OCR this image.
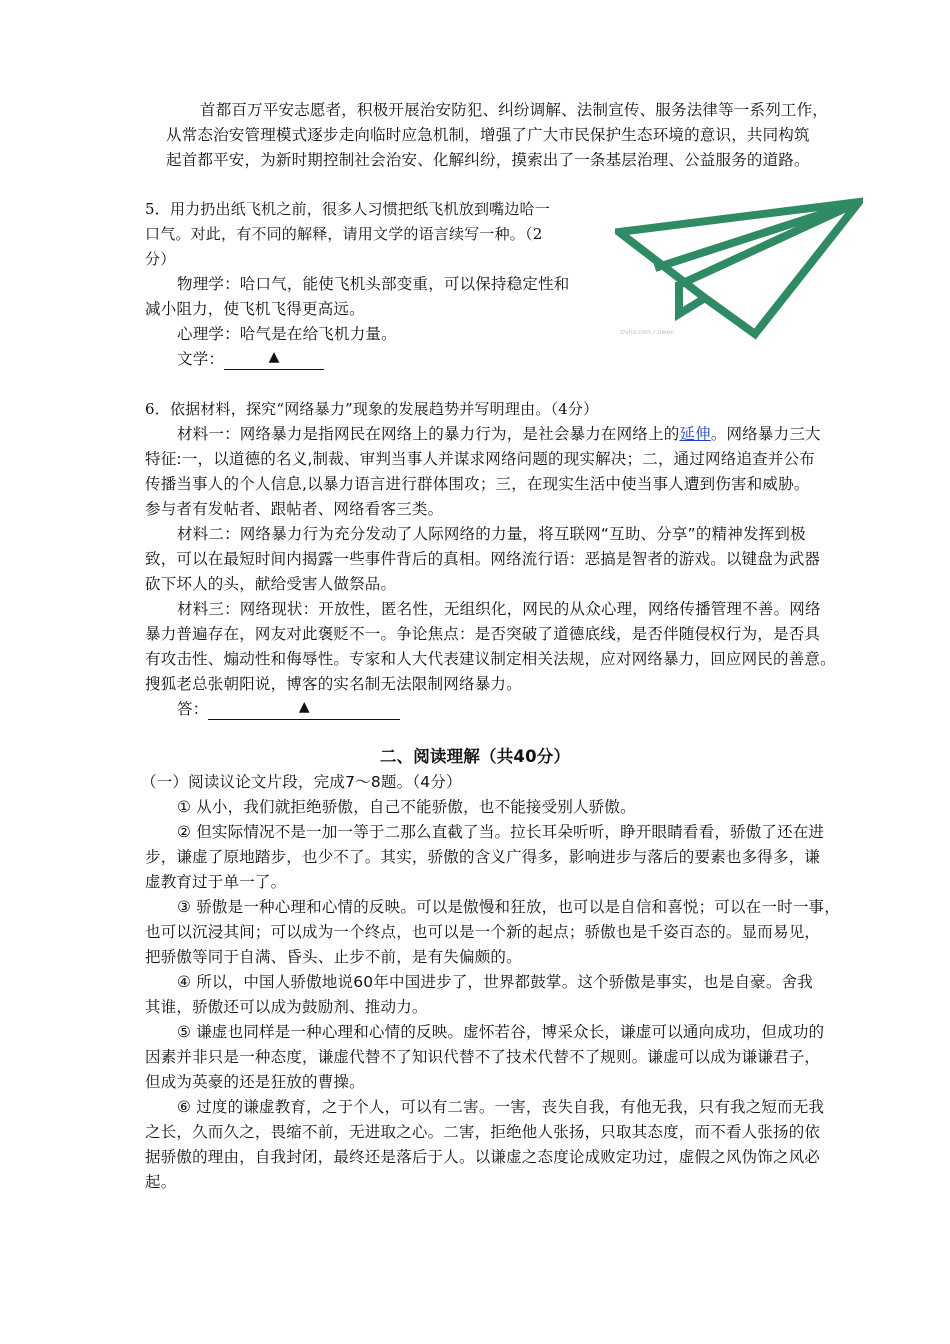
首都百万平安志愿者，积极开展治安防犯、纠纷调解、法制宣传、服务法律等一系列工作，
从常态治安管理模式逐步走向临时应急机制，增强了广大市民保护生态环境的意识，共同构筑
起首都平安，为新时期控制社会治安、化解纠纷，摸索出了一条基层治理、公益服务的道路。
5．用力扔出纸飞机之前，很多人习惯把纸飞机放到嘴边哈一
口气。对此，有不同的解释，请用文学的语言续写一种。（2
分）
物理学：哈口气，能使飞机头部变重，可以保持稳定性和
减小阻力，使飞机飞得更高远。
心理学：哈气是在给飞机力量。
文学：	▲
zhihu.com / ziwen
6．依据材料，探究“网络暴力”现象的发展趋势并写明理由。（4分）
材料一：网络暴力是指网民在网络上的暴力行为，是社会暴力在网络上的延伸。网络暴力三大
特征:一，以道德的名义,制裁、审判当事人并谋求网络问题的现实解决；二，通过网络追查并公布
传播当事人的个人信息,以暴力语言进行群体围攻；三，在现实生活中使当事人遭到伤害和威胁。
参与者有发帖者、跟帖者、网络看客三类。
材料二：网络暴力行为充分发动了人际网络的力量，将互联网“互助、分享”的精神发挥到极
致，可以在最短时间内揭露一些事件背后的真相。网络流行语：恶搞是智者的游戏。以键盘为武器
砍下坏人的头，献给受害人做祭品。
材料三：网络现状：开放性，匿名性，无组织化，网民的从众心理，网络传播管理不善。网络
暴力普遍存在，网友对此褒贬不一。争论焦点：是否突破了道德底线，是否伴随侵权行为，是否具
有攻击性、煽动性和侮辱性。专家和人大代表建议制定相关法规，应对网络暴力，回应网民的善意。
搜狐老总张朝阳说，博客的实名制无法限制网络暴力。
答：	▲
二、阅读理解（共40分）
（一）阅读议论文片段，完成7～8题。（4分）
① 从小，我们就拒绝骄傲，自己不能骄傲，也不能接受别人骄傲。
② 但实际情况不是一加一等于二那么直截了当。拉长耳朵听听，睁开眼睛看看，骄傲了还在进
步，谦虚了原地踏步，也少不了。其实，骄傲的含义广得多，影响进步与落后的要素也多得多，谦
虚教育过于单一了。
③ 骄傲是一种心理和心情的反映。可以是傲慢和狂放，也可以是自信和喜悦；可以在一时一事，
也可以沉浸其间；可以成为一个终点，也可以是一个新的起点；骄傲也是千姿百态的。显而易见，
把骄傲等同于自满、昏头、止步不前，是有失偏颇的。
④ 所以，中国人骄傲地说60年中国进步了，世界都鼓掌。这个骄傲是事实，也是自豪。舍我
其谁，骄傲还可以成为鼓励剂、推动力。
⑤ 谦虚也同样是一种心理和心情的反映。虚怀若谷，博采众长，谦虚可以通向成功，但成功的
因素并非只是一种态度，谦虚代替不了知识代替不了技术代替不了规则。谦虚可以成为谦谦君子，
但成为英豪的还是狂放的曹操。
⑥ 过度的谦虚教育，之于个人，可以有二害。一害，丧失自我，有他无我，只有我之短而无我
之长，久而久之，畏缩不前，无进取之心。二害，拒绝他人张扬，只取其态度，而不看人张扬的依
据骄傲的理由，自我封闭，最终还是落后于人。以谦虚之态度论成败定功过，虚假之风伪饰之风必
起。
